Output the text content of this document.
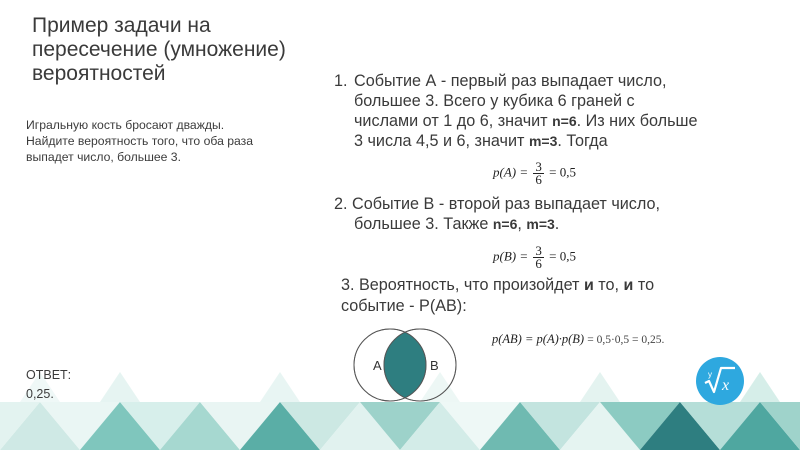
Пример задачи на
пересечение (умножение)
вероятностей
Игральную кость бросают дважды.
Найдите вероятность того, что оба раза
выпадет число, большее 3.
ОТВЕТ:
0,25.
1. Событие А - первый раз выпадает число,
большее 3. Всего у кубика 6 граней с
числами от 1 до 6, значит n=6. Из них больше
3 числа 4,5 и 6, значит m=3. Тогда
$p(A) = \frac{3}{6} = 0,5$
2. Событие В - второй раз выпадает число,
большее 3. Также n=6, m=3.
$p(B) = \frac{3}{6} = 0,5$
3. Вероятность, что произойдет и то, и то
событие - Р(АВ):
p(AB) = p(A)·p(B) = 0,5·0,5 = 0,25.
A	B
y
x
